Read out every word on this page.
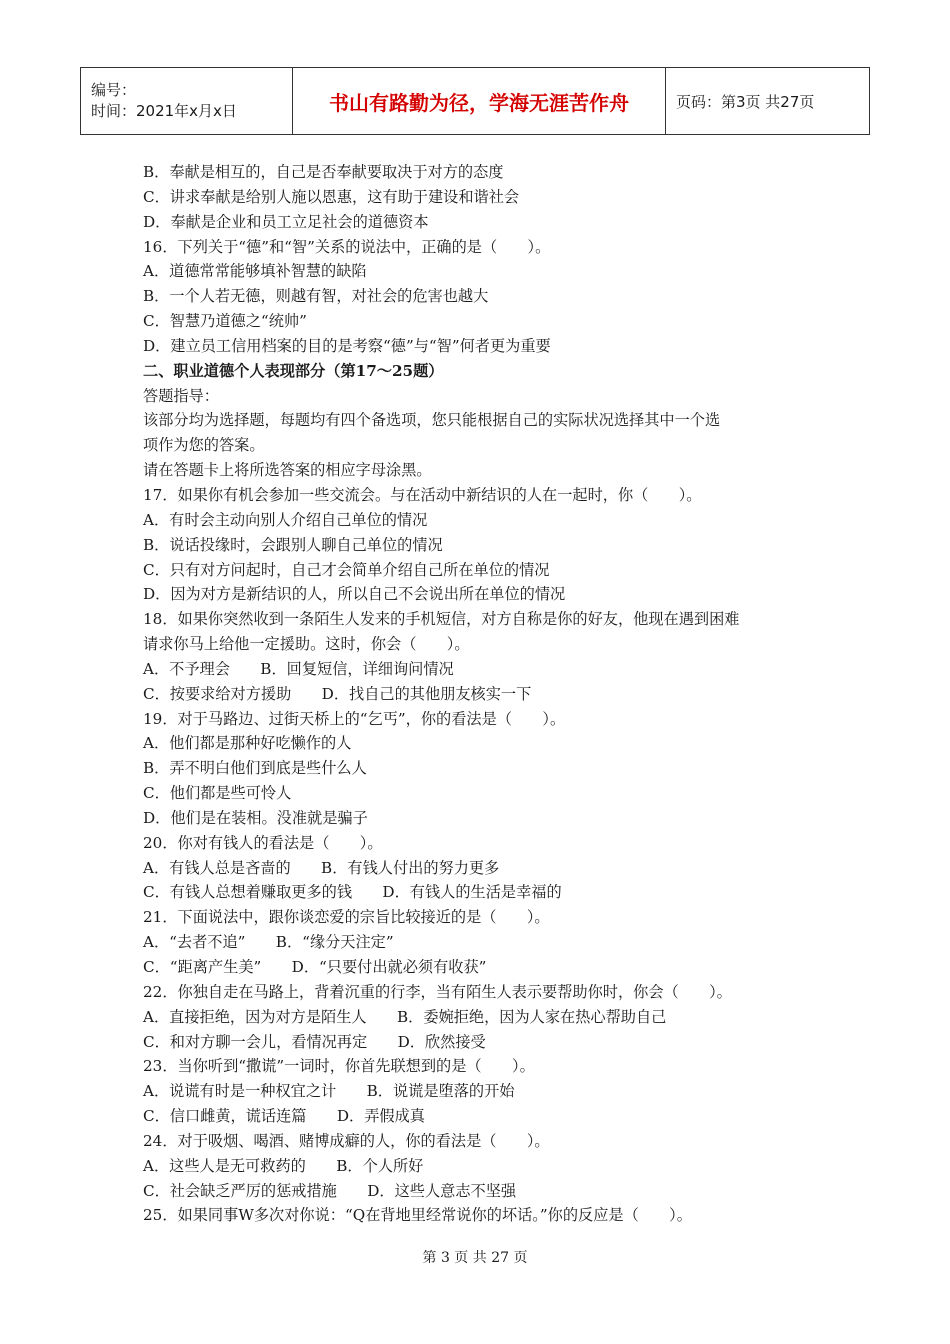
编号：
时间：2021年x月x日	书山有路勤为径，学海无涯苦作舟	页码：第3页 共27页
B．奉献是相互的，自己是否奉献要取决于对方的态度
C．讲求奉献是给别人施以恩惠，这有助于建设和谐社会
D．奉献是企业和员工立足社会的道德资本
16．下列关于“德”和“智”关系的说法中，正确的是（　　）。
A．道德常常能够填补智慧的缺陷
B．一个人若无德，则越有智，对社会的危害也越大
C．智慧乃道德之“统帅”
D．建立员工信用档案的目的是考察“德”与“智”何者更为重要
二、职业道德个人表现部分（第17～25题）
答题指导：
该部分均为选择题，每题均有四个备选项，您只能根据自己的实际状况选择其中一个选
项作为您的答案。
请在答题卡上将所选答案的相应字母涂黑。
17．如果你有机会参加一些交流会。与在活动中新结识的人在一起时，你（　　）。
A．有时会主动向别人介绍自己单位的情况
B．说话投缘时，会跟别人聊自己单位的情况
C．只有对方问起时，自己才会简单介绍自己所在单位的情况
D．因为对方是新结识的人，所以自己不会说出所在单位的情况
18．如果你突然收到一条陌生人发来的手机短信，对方自称是你的好友，他现在遇到困难
请求你马上给他一定援助。这时，你会（　　）。
A．不予理会　　B．回复短信，详细询问情况
C．按要求给对方援助　　D．找自己的其他朋友核实一下
19．对于马路边、过街天桥上的“乞丐”，你的看法是（　　）。
A．他们都是那种好吃懒作的人
B．弄不明白他们到底是些什么人
C．他们都是些可怜人
D．他们是在装相。没准就是骗子
20．你对有钱人的看法是（　　）。
A．有钱人总是吝啬的　　B．有钱人付出的努力更多
C．有钱人总想着赚取更多的钱　　D．有钱人的生活是幸福的
21．下面说法中，跟你谈恋爱的宗旨比较接近的是（　　）。
A．“去者不追”　　B．“缘分天注定”
C．“距离产生美”　　D．“只要付出就必须有收获”
22．你独自走在马路上，背着沉重的行李，当有陌生人表示要帮助你时，你会（　　）。
A．直接拒绝，因为对方是陌生人　　B．委婉拒绝，因为人家在热心帮助自己
C．和对方聊一会儿，看情况再定　　D．欣然接受
23．当你听到“撒谎”一词时，你首先联想到的是（　　）。
A．说谎有时是一种权宜之计　　B．说谎是堕落的开始
C．信口雌黄，谎话连篇　　D．弄假成真
24．对于吸烟、喝酒、赌博成癖的人，你的看法是（　　）。
A．这些人是无可救药的　　B．个人所好
C．社会缺乏严厉的惩戒措施　　D．这些人意志不坚强
25．如果同事W多次对你说：“Q在背地里经常说你的坏话。”你的反应是（　　）。
第 3 页 共 27 页
